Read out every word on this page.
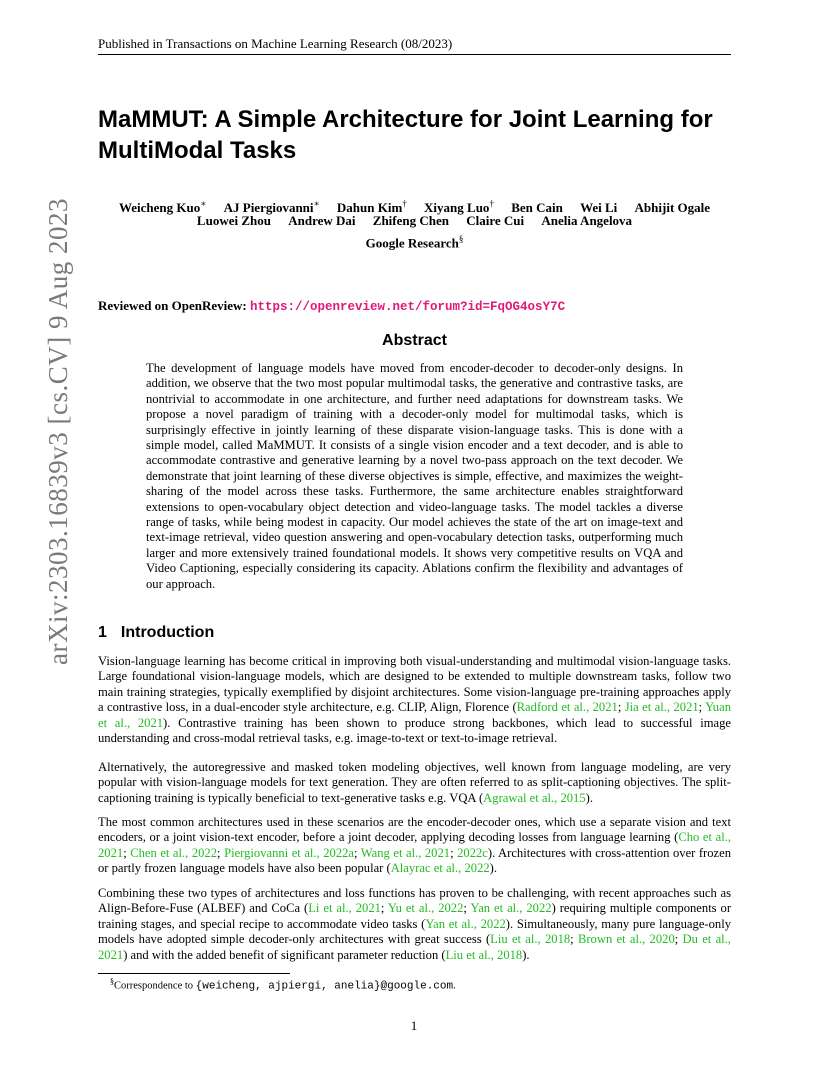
Published in Transactions on Machine Learning Research (08/2023)
MaMMUT: A Simple Architecture for Joint Learning for MultiModal Tasks
Weicheng Kuo∗ AJ Piergiovanni∗ Dahun Kim† Xiyang Luo† Ben Cain Wei Li Abhijit Ogale
Luowei Zhou Andrew Dai Zhifeng Chen Claire Cui Anelia Angelova
Google Research§
Reviewed on OpenReview: https://openreview.net/forum?id=FqOG4osY7C
Abstract

The development of language models have moved from encoder-decoder to decoder-only designs. In addition, we observe that the two most popular multimodal tasks, the generative and contrastive tasks, are nontrivial to accommodate in one architecture, and further need adaptations for downstream tasks. We propose a novel paradigm of training with a decoder-only model for multimodal tasks, which is surprisingly effective in jointly learning of these disparate vision-language tasks. This is done with a simple model, called MaMMUT. It consists of a single vision encoder and a text decoder, and is able to accommodate contrastive and generative learning by a novel two-pass approach on the text decoder. We demonstrate that joint learning of these diverse objectives is simple, effective, and maximizes the weight-sharing of the model across these tasks. Furthermore, the same architecture enables straightforward extensions to open-vocabulary object detection and video-language tasks. The model tackles a diverse range of tasks, while being modest in capacity. Our model achieves the state of the art on image-text and text-image retrieval, video question answering and open-vocabulary detection tasks, outperforming much larger and more extensively trained foundational models. It shows very competitive results on VQA and Video Captioning, especially considering its capacity. Ablations confirm the flexibility and advantages of our approach.

1 Introduction

Vision-language learning has become critical in improving both visual-understanding and multimodal vision-language tasks. Large foundational vision-language models, which are designed to be extended to multiple downstream tasks, follow two main training strategies, typically exemplified by disjoint architectures. Some vision-language pre-training approaches apply a contrastive loss, in a dual-encoder style architecture, e.g. CLIP, Align, Florence (Radford et al., 2021; Jia et al., 2021; Yuan et al., 2021). Contrastive training has been shown to produce strong backbones, which lead to successful image understanding and cross-modal retrieval tasks, e.g. image-to-text or text-to-image retrieval.

Alternatively, the autoregressive and masked token modeling objectives, well known from language modeling, are very popular with vision-language models for text generation. They are often referred to as split-captioning objectives. The split-captioning training is typically beneficial to text-generative tasks e.g. VQA (Agrawal et al., 2015).

The most common architectures used in these scenarios are the encoder-decoder ones, which use a separate vision and text encoders, or a joint vision-text encoder, before a joint decoder, applying decoding losses from language learning (Cho et al., 2021; Chen et al., 2022; Piergiovanni et al., 2022a; Wang et al., 2021; 2022c). Architectures with cross-attention over frozen or partly frozen language models have also been popular (Alayrac et al., 2022).

Combining these two types of architectures and loss functions has proven to be challenging, with recent approaches such as Align-Before-Fuse (ALBEF) and CoCa (Li et al., 2021; Yu et al., 2022; Yan et al., 2022) requiring multiple components or training stages, and special recipe to accommodate video tasks (Yan et al., 2022). Simultaneously, many pure language-only models have adopted simple decoder-only architectures with great success (Liu et al., 2018; Brown et al., 2020; Du et al., 2021) and with the added benefit of significant parameter reduction (Liu et al., 2018).

§Correspondence to {weicheng, ajpiergi, anelia}@google.com.
1
arXiv:2303.16839v3 [cs.CV] 9 Aug 2023
